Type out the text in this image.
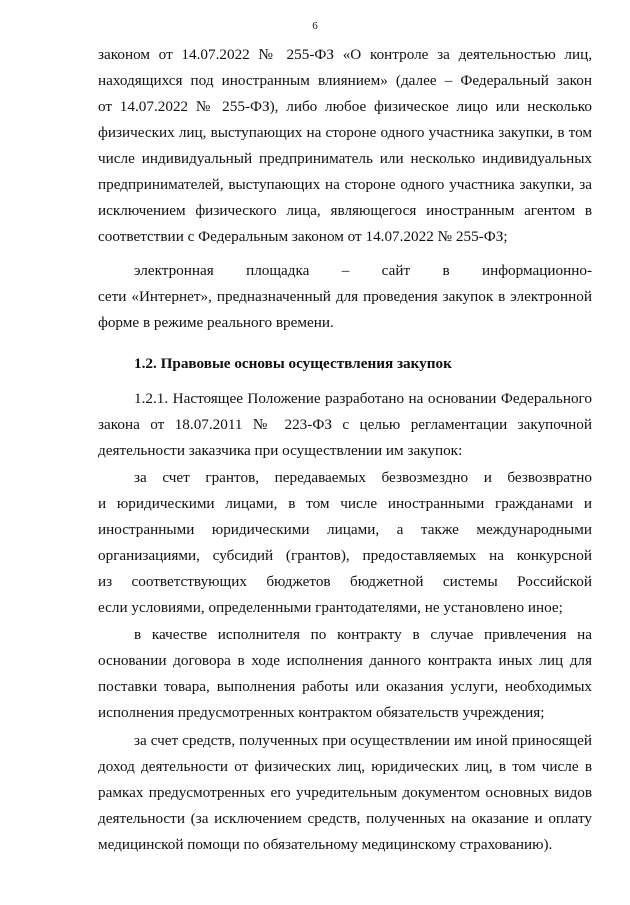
6
законом от 14.07.2022 № 255-ФЗ «О контроле за деятельностью лиц,
находящихся под иностранным влиянием» (далее – Федеральный закон
от 14.07.2022 № 255-ФЗ), либо любое физическое лицо или несколько
физических лиц, выступающих на стороне одного участника закупки, в том
числе индивидуальный предприниматель или несколько индивидуальных
предпринимателей, выступающих на стороне одного участника закупки, за
исключением физического лица, являющегося иностранным агентом в
соответствии с Федеральным законом от 14.07.2022 № 255-ФЗ;
электронная площадка – сайт в информационно-
сети «Интернет», предназначенный для проведения закупок в электронной
форме в режиме реального времени.
1.2. Правовые основы осуществления закупок
1.2.1. Настоящее Положение разработано на основании Федерального
закона от 18.07.2011 № 223-ФЗ с целью регламентации закупочной
деятельности заказчика при осуществлении им закупок:
за счет грантов, передаваемых безвозмездно и безвозвратно
и юридическими лицами, в том числе иностранными гражданами и
иностранными юридическими лицами, а также международными
организациями, субсидий (грантов), предоставляемых на конкурсной
из соответствующих бюджетов бюджетной системы Российской
если условиями, определенными грантодателями, не установлено иное;
в качестве исполнителя по контракту в случае привлечения на
основании договора в ходе исполнения данного контракта иных лиц для
поставки товара, выполнения работы или оказания услуги, необходимых
исполнения предусмотренных контрактом обязательств учреждения;
за счет средств, полученных при осуществлении им иной приносящей
доход деятельности от физических лиц, юридических лиц, в том числе в
рамках предусмотренных его учредительным документом основных видов
деятельности (за исключением средств, полученных на оказание и оплату
медицинской помощи по обязательному медицинскому страхованию).
